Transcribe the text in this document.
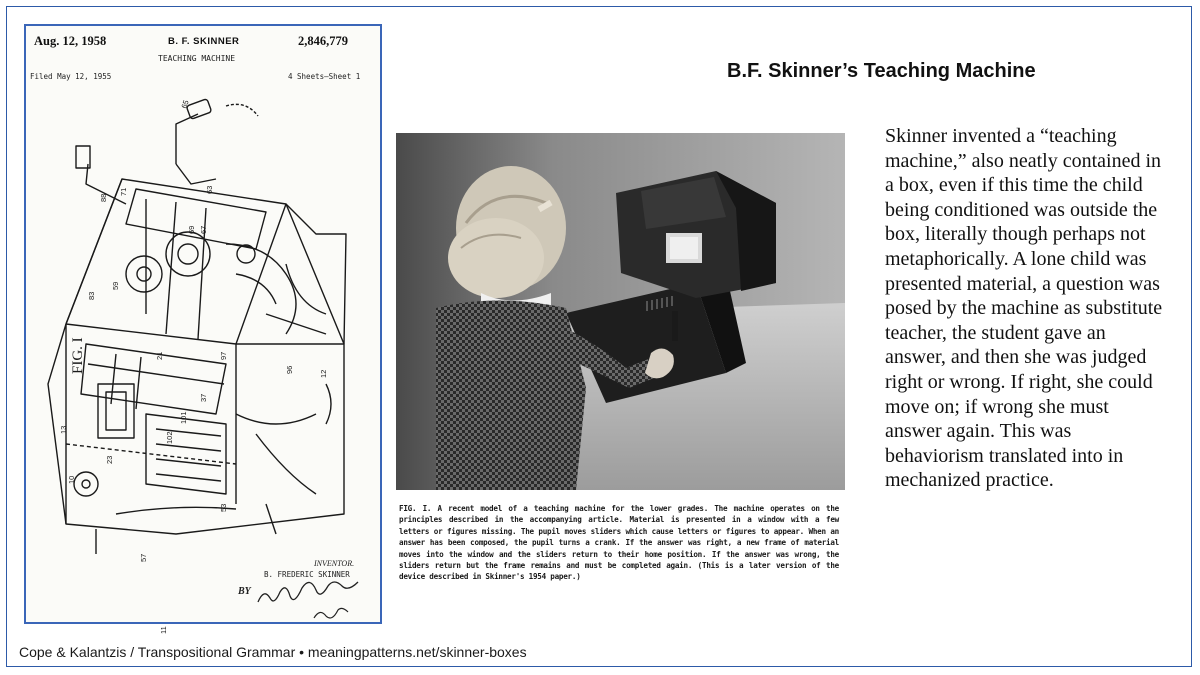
Aug. 12, 1958	B. F. SKINNER	2,846,779
TEACHING MACHINE
Filed May 12, 1955	4 Sheets—Sheet 1
65
63
67
69
71
88
59
83
21
96	12
97
37
101
102
13
23
10
53
57
11
FIG. I
INVENTOR.
B. FREDERIC SKINNER
BY
FIG. I. A recent model of a teaching machine for the lower grades. The machine operates on the principles described in the accompanying article. Material is presented in a window with a few letters or figures missing. The pupil moves sliders which cause letters or figures to appear. When an answer has been composed, the pupil turns a crank. If the answer was right, a new frame of material moves into the window and the sliders return to their home position. If the answer was wrong, the sliders return but the frame remains and must be completed again. (This is a later version of the device described in Skinner's 1954 paper.)
B.F. Skinner’s Teaching Machine
Skinner invented a “teaching machine,” also neatly contained in a box, even if this time the child being conditioned was outside the box, literally though perhaps not metaphorically. A lone child was presented material, a question was posed by the machine as substitute teacher, the student gave an answer, and then she was judged right or wrong. If right, she could move on; if wrong she must answer again. This was behaviorism translated into in mechanized practice.
Cope & Kalantzis / Transpositional Grammar • meaningpatterns.net/skinner-boxes
